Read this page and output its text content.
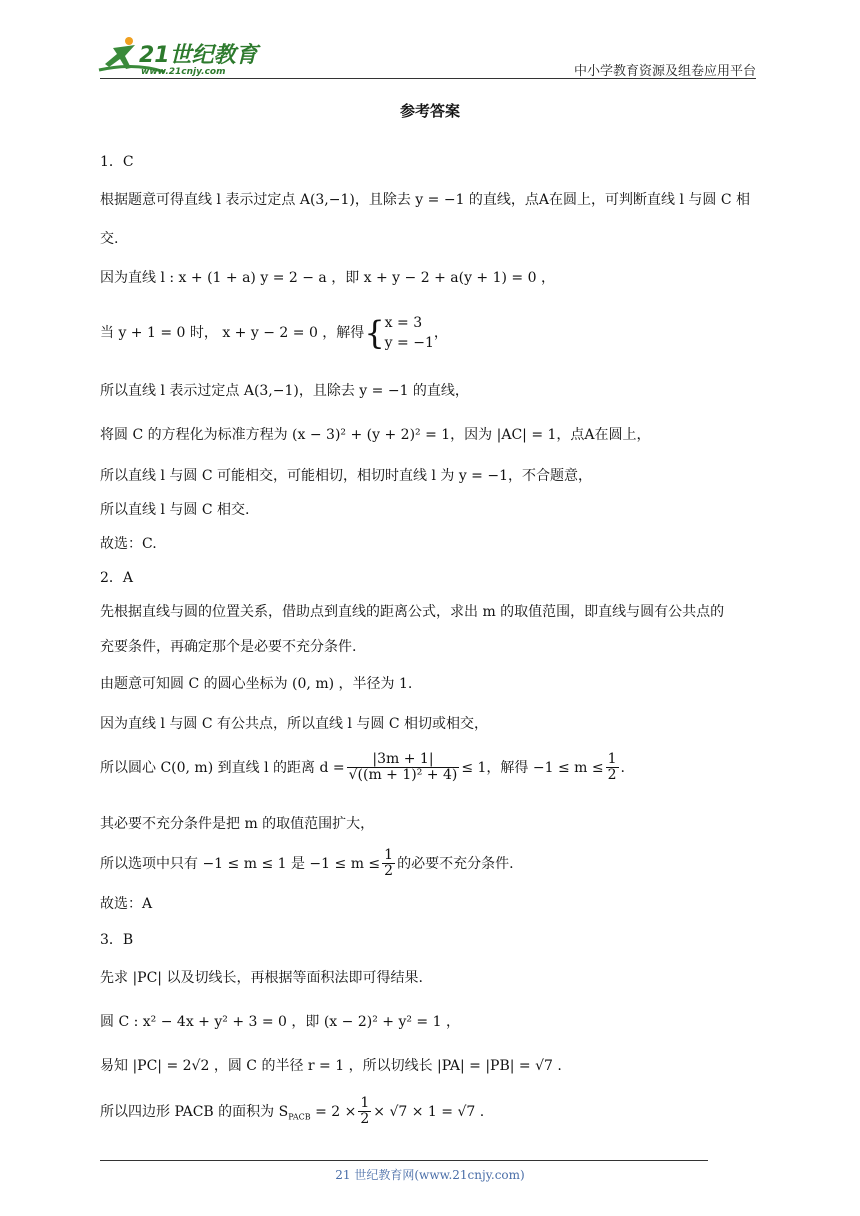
21世纪教育
www.21cnjy.com	中小学教育资源及组卷应用平台
参考答案
1．C
根据题意可得直线 l 表示过定点 A(3,−1)，且除去 y = −1 的直线，点A在圆上，可判断直线 l 与圆 C 相
交.
因为直线 l : x + (1 + a) y = 2 − a ，即 x + y − 2 + a(y + 1) = 0 ，
当 y + 1 = 0 时， x + y − 2 = 0 ，解得{ x = 3
y = −1
，
所以直线 l 表示过定点 A(3,−1)，且除去 y = −1 的直线，
将圆 C 的方程化为标准方程为 (x − 3)² + (y + 2)² = 1，因为 |AC| = 1，点A在圆上，
所以直线 l 与圆 C 可能相交，可能相切，相切时直线 l 为 y = −1，不合题意，
所以直线 l 与圆 C 相交.
故选：C.
2．A
先根据直线与圆的位置关系，借助点到直线的距离公式，求出 m 的取值范围，即直线与圆有公共点的
充要条件，再确定那个是必要不充分条件.
由题意可知圆 C 的圆心坐标为 (0, m) ，半径为 1.
因为直线 l 与圆 C 有公共点，所以直线 l 与圆 C 相切或相交，
所以圆心 C(0, m) 到直线 l 的距离 $d = \frac{|3m + 1|}{\text{√((m + 1)² + 4)}} \le 1$，解得 $-1 \le m \le \frac{1}{2}$ .
其必要不充分条件是把 m 的取值范围扩大，
所以选项中只有 −1 ≤ m ≤ 1 是 $-1 \le m \le \frac{1}{2}$ 的必要不充分条件.
故选：A
3．B
先求 |PC| 以及切线长，再根据等面积法即可得结果.
圆 C : x² − 4x + y² + 3 = 0 ，即 (x − 2)² + y² = 1 ，
易知 |PC| = 2√2 ，圆 C 的半径 r = 1 ，所以切线长 |PA| = |PB| = √7 .
所以四边形 PACB 的面积为 $S_{PACB} = 2 \times \frac{1}{2} \times √7 \times 1 = √7$ .
21 世纪教育网(www.21cnjy.com)
